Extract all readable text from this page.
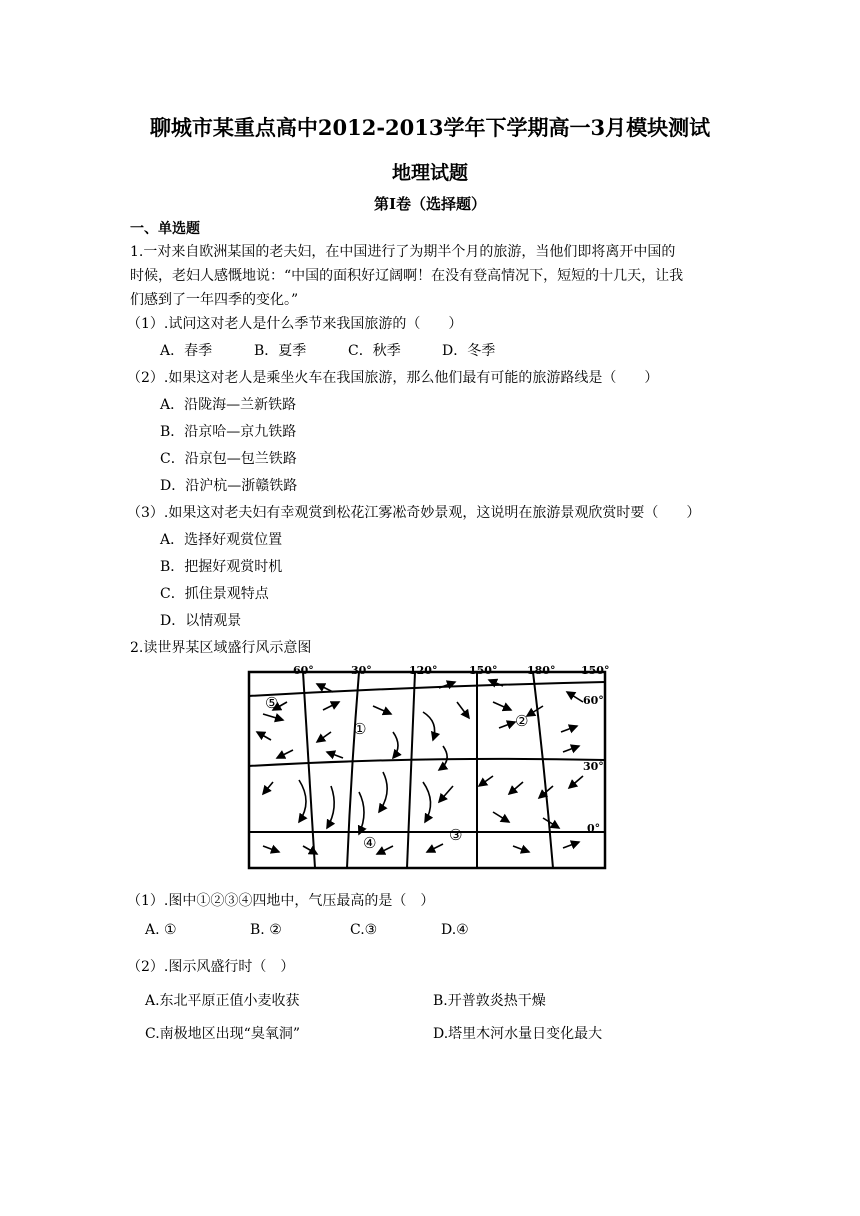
聊城市某重点高中2012-2013学年下学期高一3月模块测试
地理试题
第I卷（选择题）
一、单选题
1.一对来自欧洲某国的老夫妇，在中国进行了为期半个月的旅游，当他们即将离开中国的
时候，老妇人感慨地说：“中国的面积好辽阔啊！在没有登高情况下，短短的十几天，让我
们感到了一年四季的变化。”
（1）.试问这对老人是什么季节来我国旅游的（　　）
A．春季	B．夏季	C．秋季	D．冬季
（2）.如果这对老人是乘坐火车在我国旅游，那么他们最有可能的旅游路线是（　　）
A．沿陇海—兰新铁路
B．沿京哈—京九铁路
C．沿京包—包兰铁路
D．沿沪杭—浙赣铁路
（3）.如果这对老夫妇有幸观赏到松花江雾凇奇妙景观，这说明在旅游景观欣赏时要（　　）
A．选择好观赏位置
B．把握好观赏时机
C．抓住景观特点
D．以情观景
2.读世界某区域盛行风示意图
60°	30°	120°	150°	180° 150°
60°
30°
0°
⑤
①	②
③
④
（1）.图中①②③④四地中，气压最高的是（　）
A. ①	B. ②	C.③	D.④
（2）.图示风盛行时（　）
A.东北平原正值小麦收获	B.开普敦炎热干燥
C.南极地区出现“臭氧洞”	D.塔里木河水量日变化最大
